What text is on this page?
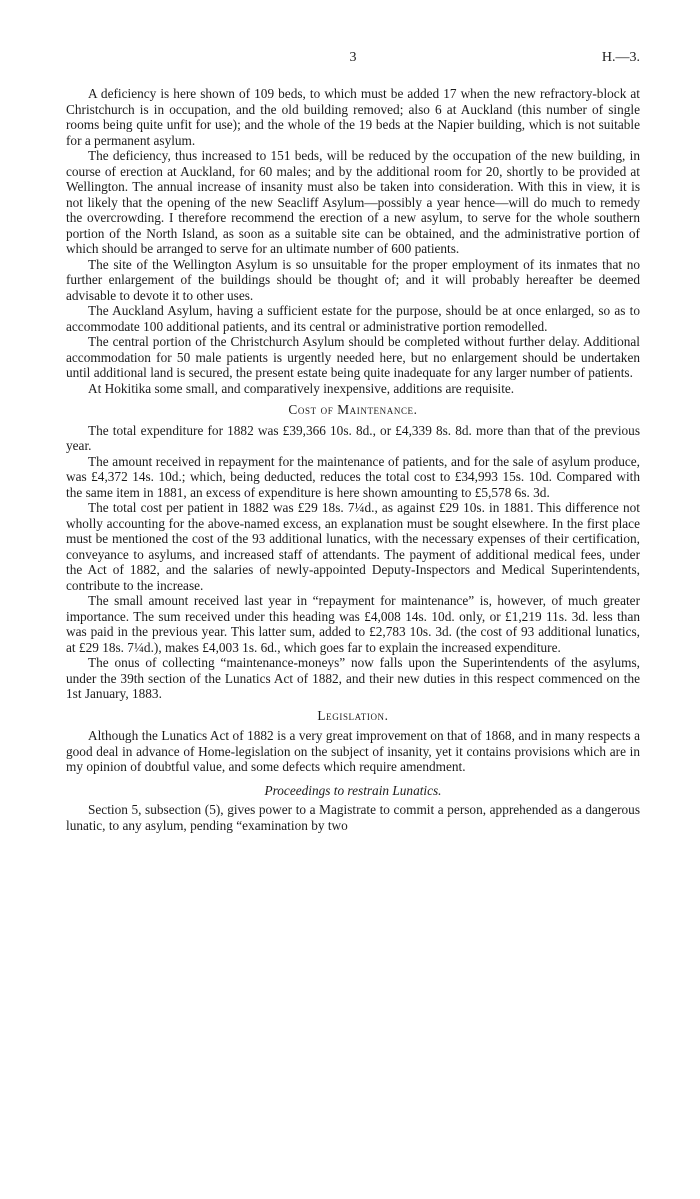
3	H.—3.

A deficiency is here shown of 109 beds, to which must be added 17 when the new refractory-block at Christchurch is in occupation, and the old building removed; also 6 at Auckland (this number of single rooms being quite unfit for use); and the whole of the 19 beds at the Napier building, which is not suitable for a permanent asylum.

The deficiency, thus increased to 151 beds, will be reduced by the occupation of the new building, in course of erection at Auckland, for 60 males; and by the additional room for 20, shortly to be provided at Wellington. The annual increase of insanity must also be taken into consideration. With this in view, it is not likely that the opening of the new Seacliff Asylum—possibly a year hence—will do much to remedy the overcrowding. I therefore recommend the erection of a new asylum, to serve for the whole southern portion of the North Island, as soon as a suitable site can be obtained, and the administrative portion of which should be arranged to serve for an ultimate number of 600 patients.

The site of the Wellington Asylum is so unsuitable for the proper employment of its inmates that no further enlargement of the buildings should be thought of; and it will probably hereafter be deemed advisable to devote it to other uses.

The Auckland Asylum, having a sufficient estate for the purpose, should be at once enlarged, so as to accommodate 100 additional patients, and its central or administrative portion remodelled.

The central portion of the Christchurch Asylum should be completed without further delay. Additional accommodation for 50 male patients is urgently needed here, but no enlargement should be undertaken until additional land is secured, the present estate being quite inadequate for any larger number of patients.

At Hokitika some small, and comparatively inexpensive, additions are requisite.

Cost of Maintenance.

The total expenditure for 1882 was £39,366 10s. 8d., or £4,339 8s. 8d. more than that of the previous year.

The amount received in repayment for the maintenance of patients, and for the sale of asylum produce, was £4,372 14s. 10d.; which, being deducted, reduces the total cost to £34,993 15s. 10d. Compared with the same item in 1881, an excess of expenditure is here shown amounting to £5,578 6s. 3d.

The total cost per patient in 1882 was £29 18s. 7¼d., as against £29 10s. in 1881. This difference not wholly accounting for the above-named excess, an explanation must be sought elsewhere. In the first place must be mentioned the cost of the 93 additional lunatics, with the necessary expenses of their certification, conveyance to asylums, and increased staff of attendants. The payment of additional medical fees, under the Act of 1882, and the salaries of newly-appointed Deputy-Inspectors and Medical Superintendents, contribute to the increase.

The small amount received last year in “repayment for maintenance” is, however, of much greater importance. The sum received under this heading was £4,008 14s. 10d. only, or £1,219 11s. 3d. less than was paid in the previous year. This latter sum, added to £2,783 10s. 3d. (the cost of 93 additional lunatics, at £29 18s. 7¼d.), makes £4,003 1s. 6d., which goes far to explain the increased expenditure.

The onus of collecting “maintenance-moneys” now falls upon the Superintendents of the asylums, under the 39th section of the Lunatics Act of 1882, and their new duties in this respect commenced on the 1st January, 1883.

Legislation.

Although the Lunatics Act of 1882 is a very great improvement on that of 1868, and in many respects a good deal in advance of Home-legislation on the subject of insanity, yet it contains provisions which are in my opinion of doubtful value, and some defects which require amendment.

Proceedings to restrain Lunatics.

Section 5, subsection (5), gives power to a Magistrate to commit a person, apprehended as a dangerous lunatic, to any asylum, pending “examination by two
